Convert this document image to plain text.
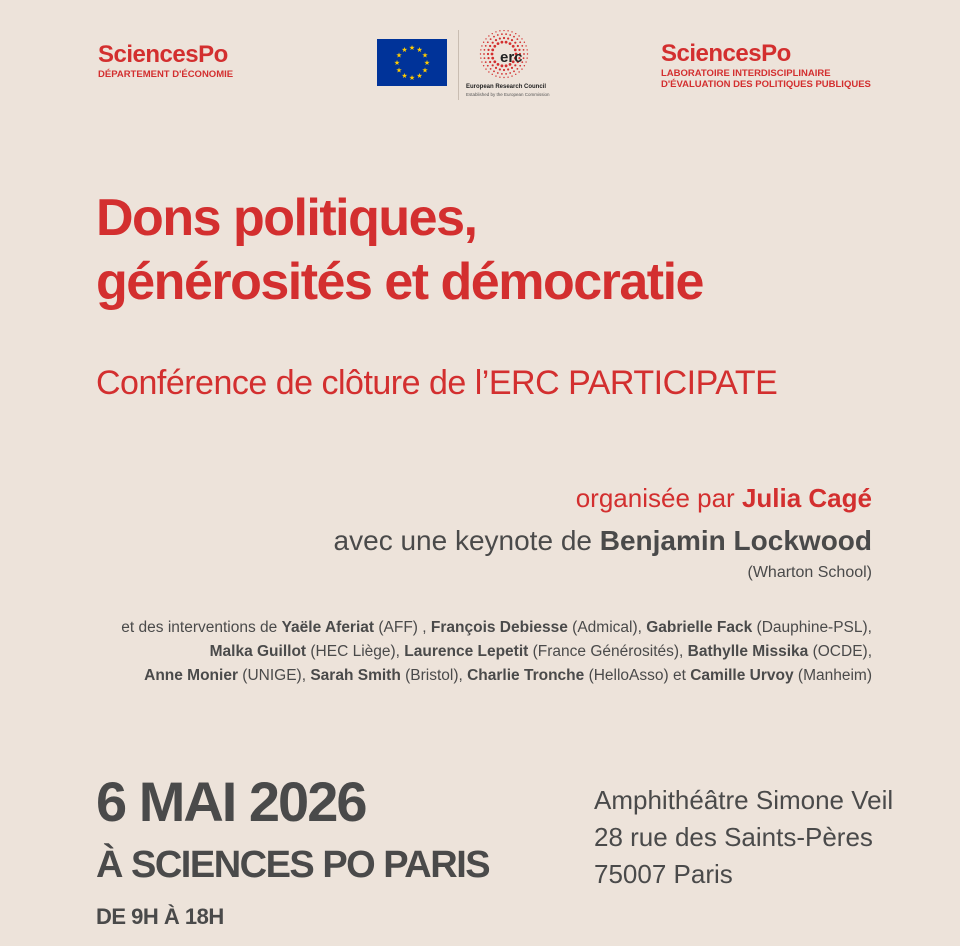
SciencesPo
DÉPARTEMENT D'ÉCONOMIE
★ ★
★
★
★
★
★
★
★
★
★
★	erc
European Research Council
Established by the European Commission
SciencesPo
LABORATOIRE INTERDISCIPLINAIRE
D'ÉVALUATION DES POLITIQUES PUBLIQUES
Dons politiques,
générosités et démocratie
Conférence de clôture de l’ERC PARTICIPATE
organisée par Julia Cagé
avec une keynote de Benjamin Lockwood
(Wharton School)
et des interventions de Yaële Aferiat (AFF) , François Debiesse (Admical), Gabrielle Fack (Dauphine-PSL),
Malka Guillot (HEC Liège), Laurence Lepetit (France Générosités), Bathylle Missika (OCDE),
Anne Monier (UNIGE), Sarah Smith (Bristol), Charlie Tronche (HelloAsso) et Camille Urvoy (Manheim)
6 MAI 2026
À SCIENCES PO PARIS
DE 9H À 18H
Amphithéâtre Simone Veil
28 rue des Saints-Pères
75007 Paris
